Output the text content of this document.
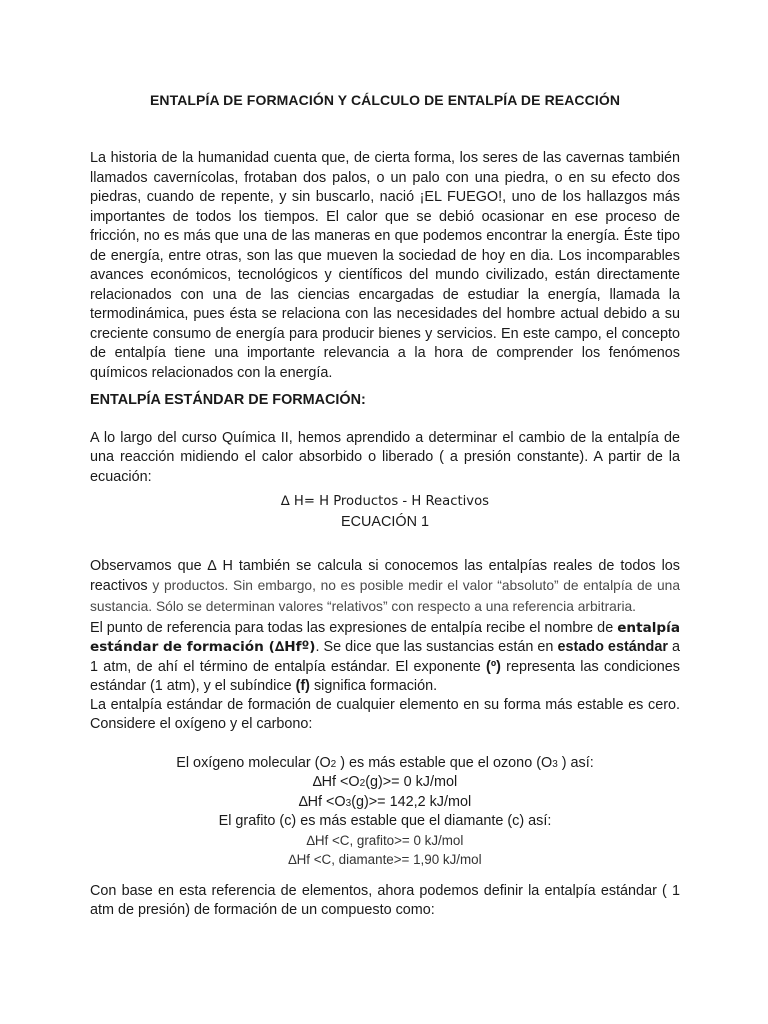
ENTALPÍA DE FORMACIÓN Y CÁLCULO DE ENTALPÍA DE REACCIÓN

La historia de la humanidad cuenta que, de cierta forma, los seres de las cavernas también llamados cavernícolas, frotaban dos palos, o un palo con una piedra, o en su efecto dos piedras, cuando de repente, y sin buscarlo, nació ¡EL FUEGO!, uno de los hallazgos más importantes de todos los tiempos. El calor que se debió ocasionar en ese proceso de fricción, no es más que una de las maneras en que podemos encontrar la energía. Éste tipo de energía, entre otras, son las que mueven la sociedad de hoy en dia. Los incomparables avances económicos, tecnológicos y científicos del mundo civilizado, están directamente relacionados con una de las ciencias encargadas de estudiar la energía, llamada la termodinámica, pues ésta se relaciona con las necesidades del hombre actual debido a su creciente consumo de energía para producir bienes y servicios. En este campo, el concepto de entalpía tiene una importante relevancia a la hora de comprender los fenómenos químicos relacionados con la energía.

ENTALPÍA ESTÁNDAR DE FORMACIÓN:

A lo largo del curso Química II, hemos aprendido a determinar el cambio de la entalpía de una reacción midiendo el calor absorbido o liberado ( a presión constante). A partir de la ecuación:

∆ H= H Productos - H Reactivos
ECUACIÓN 1

Observamos que ∆ H también se calcula si conocemos las entalpías reales de todos los reactivos y productos. Sin embargo, no es posible medir el valor “absoluto” de entalpía de una sustancia. Sólo se determinan valores “relativos” con respecto a una referencia arbitraria.

El punto de referencia para todas las expresiones de entalpía recibe el nombre de entalpía estándar de formación (∆Hfº). Se dice que las sustancias están en estado estándar a 1 atm, de ahí el término de entalpía estándar. El exponente (º) representa las condiciones estándar (1 atm), y el subíndice (f) significa formación.

La entalpía estándar de formación de cualquier elemento en su forma más estable es cero. Considere el oxígeno y el carbono:

El oxígeno molecular (O2 ) es más estable que el ozono (O3 ) así:
∆Hf <O2(g)>= 0 kJ/mol
∆Hf <O3(g)>= 142,2 kJ/mol
El grafito (c) es más estable que el diamante (c) así:
∆Hf <C, grafito>= 0 kJ/mol
∆Hf <C, diamante>= 1,90 kJ/mol

Con base en esta referencia de elementos, ahora podemos definir la entalpía estándar ( 1 atm de presión) de formación de un compuesto como:
